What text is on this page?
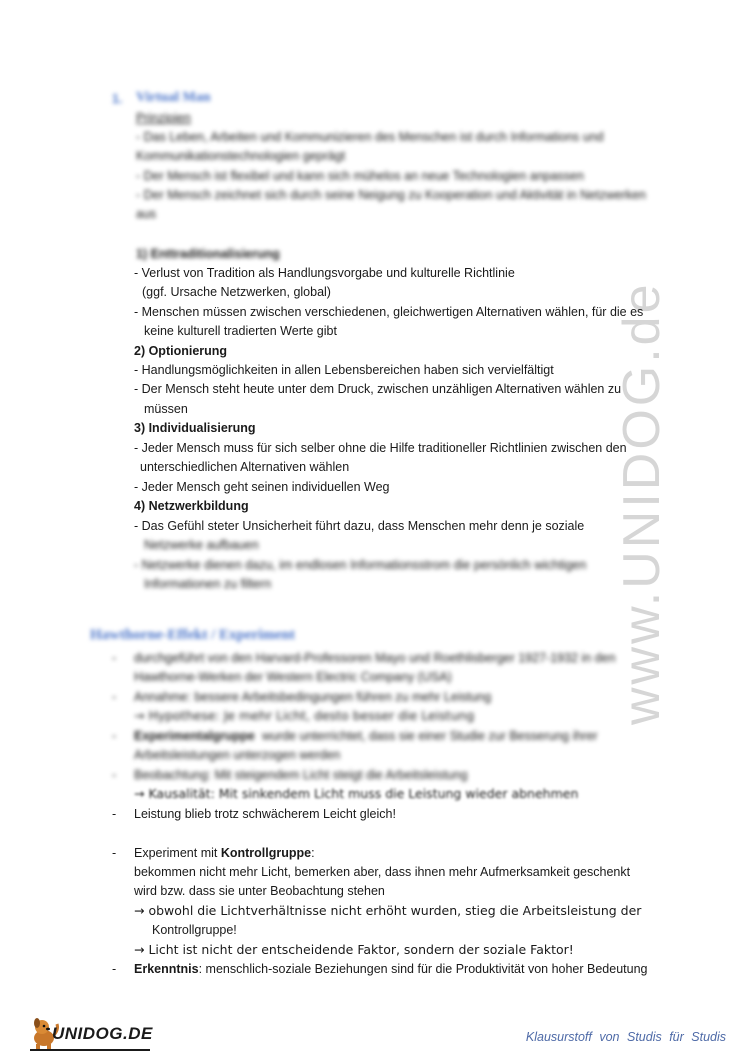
www.UNIDOG.de
1. Virtual Man
Prinzipien
- Das Leben, Arbeiten und Kommunizieren des Menschen ist durch Informations und
Kommunikationstechnologien geprägt
- Der Mensch ist flexibel und kann sich mühelos an neue Technologien anpassen
- Der Mensch zeichnet sich durch seine Neigung zu Kooperation und Aktivität in Netzwerken
aus
1) Enttraditionalisierung
- Verlust von Tradition als Handlungsvorgabe und kulturelle Richtlinie
(ggf. Ursache Netzwerken, global)
- Menschen müssen zwischen verschiedenen, gleichwertigen Alternativen wählen, für die es
keine kulturell tradierten Werte gibt
2) Optionierung
- Handlungsmöglichkeiten in allen Lebensbereichen haben sich vervielfältigt
- Der Mensch steht heute unter dem Druck, zwischen unzähligen Alternativen wählen zu
müssen
3) Individualisierung
- Jeder Mensch muss für sich selber ohne die Hilfe traditioneller Richtlinien zwischen den
unterschiedlichen Alternativen wählen
- Jeder Mensch geht seinen individuellen Weg
4) Netzwerkbildung
- Das Gefühl steter Unsicherheit führt dazu, dass Menschen mehr denn je soziale
Netzwerke aufbauen
- Netzwerke dienen dazu, im endlosen Informationsstrom die persönlich wichtigen
Informationen zu filtern
Hawthorne-Effekt / Experiment
- durchgeführt von den Harvard-Professoren Mayo und Roethlisberger 1927-1932 in den
Hawthorne-Werken der Western Electric Company (USA)
- Annahme: bessere Arbeitsbedingungen führen zu mehr Leistung
→ Hypothese: Je mehr Licht, desto besser die Leistung
- Experimentalgruppe wurde unterrichtet, dass sie einer Studie zur Besserung ihrer
Arbeitsleistungen unterzogen werden
- Beobachtung: Mit steigendem Licht steigt die Arbeitsleistung
→ Kausalität: Mit sinkendem Licht muss die Leistung wieder abnehmen
- Leistung blieb trotz schwächerem Leicht gleich!
- Experiment mit Kontrollgruppe:
bekommen nicht mehr Licht, bemerken aber, dass ihnen mehr Aufmerksamkeit geschenkt
wird bzw. dass sie unter Beobachtung stehen
→ obwohl die Lichtverhältnisse nicht erhöht wurden, stieg die Arbeitsleistung der
Kontrollgruppe!
→ Licht ist nicht der entscheidende Faktor, sondern der soziale Faktor!
- Erkenntnis: menschlich-soziale Beziehungen sind für die Produktivität von hoher Bedeutung
UNIDOG.DE	Klausurstoff von Studis für Studis
